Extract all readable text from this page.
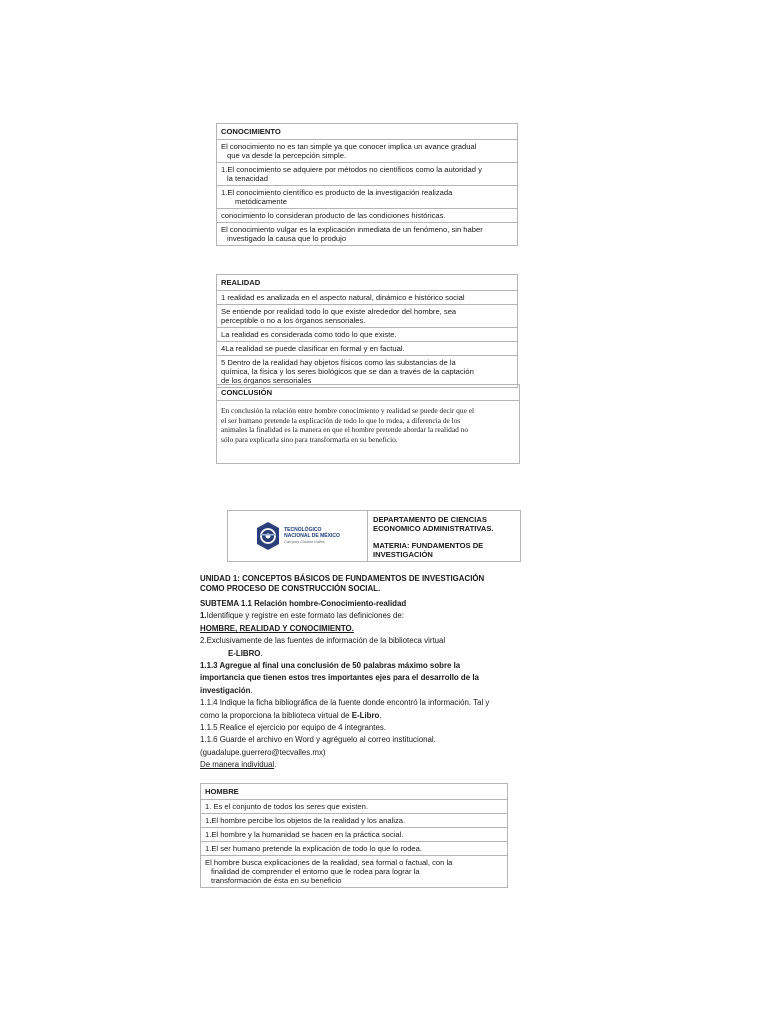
CONOCIMIENTO
El conocimiento no es tan simple ya que conocer implica un avance gradual
que va desde la percepción simple.

1.El conocimiento se adquiere por métodos no científicos como la autoridad y
la tenacidad

1.El conocimiento científico es producto de la investigación realizada
metódicamente

conocimiento lo consideran producto de las condiciones históricas.
El conocimiento vulgar es la explicación inmediata de un fenómeno, sin haber
investigado la causa que lo produjo
REALIDAD
1 realidad es analizada en el aspecto natural, dinámico e histórico social
Se entiende por realidad todo lo que existe alrededor del hombre, sea
perceptible o no a los órganos sensoriales.
La realidad es considerada como todo lo que existe.
4La realidad se puede clasificar en formal y en factual.
5 Dentro de la realidad hay objetos físicos como las substancias de la
química, la física y los seres biológicos que se dan a través de la captación
de los órganos sensoriales
CONCLUSIÓN
En conclusión la relación entre hombre conocimiento y realidad se puede decir que el
el ser humano pretende la explicación de todo lo que lo rodea, a diferencia de los
animales la finalidad es la manera en que el hombre pretende abordar la realidad no
sólo para explicarla sino para transformarla en su beneficio.
TECNOLÓGICO
NACIONAL DE MÉXICO
Campus Ciudad Valles
DEPARTAMENTO DE CIENCIAS
ECONOMICO ADMINISTRATIVAS.
MATERIA: FUNDAMENTOS DE
INVESTIGACIÓN

UNIDAD 1: CONCEPTOS BÁSICOS DE FUNDAMENTOS DE INVESTIGACIÓN
COMO PROCESO DE CONSTRUCCIÓN SOCIAL.

SUBTEMA 1.1 Relación hombre-Conocimiento-realidad

1.Identifique y registre en este formato las definiciones de:

HOMBRE, REALIDAD Y CONOCIMIENTO.

2.Exclusivamente de las fuentes de información de la biblioteca virtual

E-LIBRO.

1.1.3 Agregue al final una conclusión de 50 palabras máximo sobre la
importancia que tienen estos tres importantes ejes para el desarrollo de la
investigación.

1.1.4 Indique la ficha bibliográfica de la fuente donde encontró la información. Tal y
como la proporciona la biblioteca virtual de E-Libro.

1.1.5 Realice el ejercicio por equipo de 4 integrantes.

1.1.6 Guarde el archivo en Word y agréguelo al correo institucional.
(guadalupe.guerrero@tecvalles.mx)

De manera individual.

HOMBRE
1. Es el conjunto de todos los seres que existen.
1.El hombre percibe los objetos de la realidad y los analiza.
1.El hombre y la humanidad se hacen en la práctica social.
1.El ser humano pretende la explicación de todo lo que lo rodea.
El hombre busca explicaciones de la realidad, sea formal o factual, con la
finalidad de comprender el entorno que le rodea para lograr la
transformación de ésta en su beneficio
